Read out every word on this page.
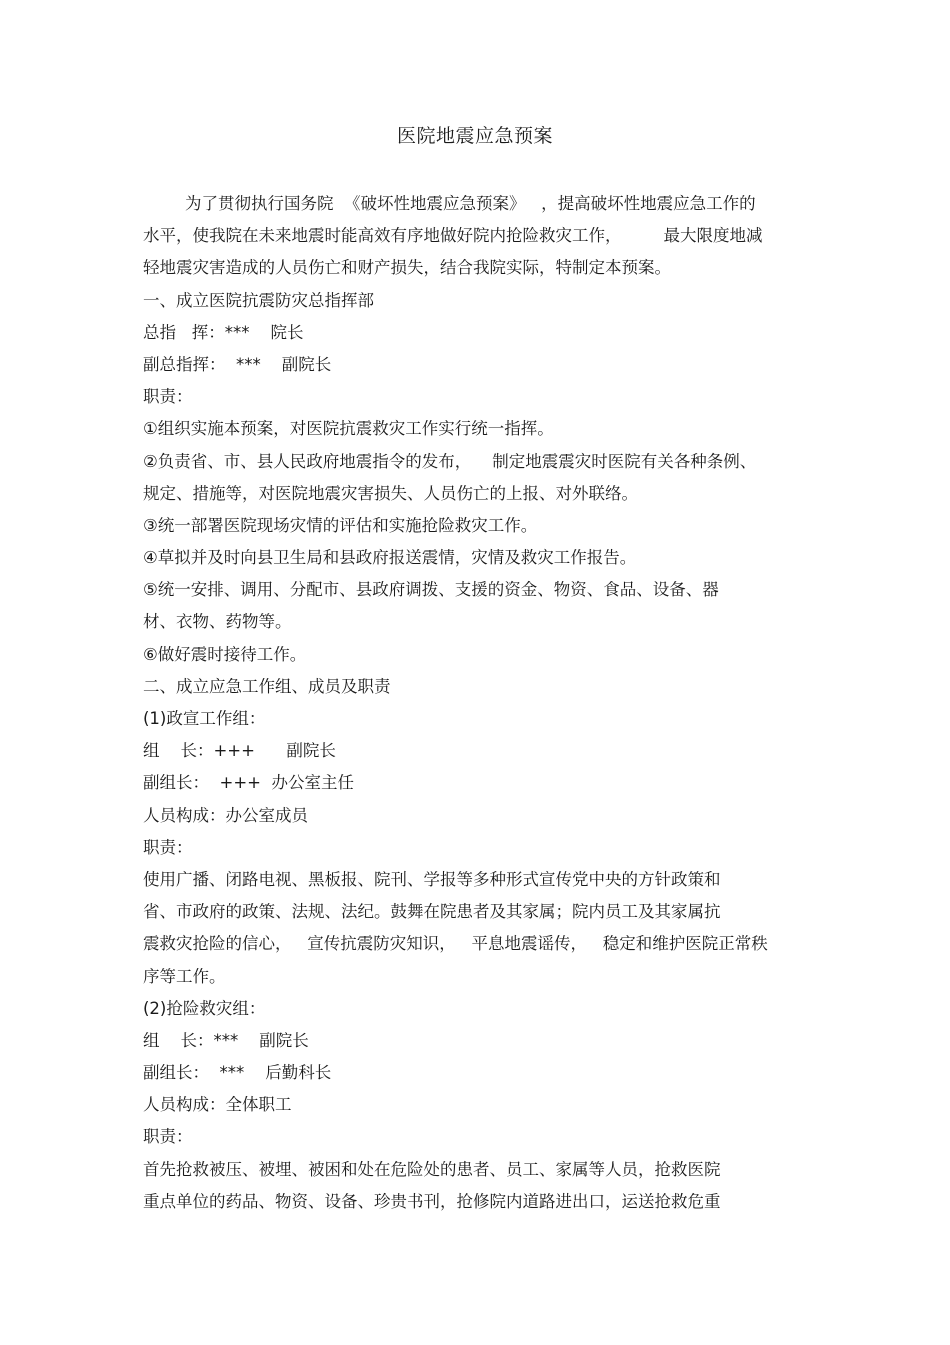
医院地震应急预案
为了贯彻执行国务院  《破坏性地震应急预案》   ，提高破坏性地震应急工作的
水平，使我院在未来地震时能高效有序地做好院内抢险救灾工作，        最大限度地减
轻地震灾害造成的人员伤亡和财产损失，结合我院实际，特制定本预案。
一、成立医院抗震防灾总指挥部
总指   挥：***    院长
副总指挥：  ***    副院长
职责：
①组织实施本预案，对医院抗震救灾工作实行统一指挥。
②负责省、市、县人民政府地震指令的发布，    制定地震震灾时医院有关各种条例、
规定、措施等，对医院地震灾害损失、人员伤亡的上报、对外联络。
③统一部署医院现场灾情的评估和实施抢险救灾工作。
④草拟并及时向县卫生局和县政府报送震情，灾情及救灾工作报告。
⑤统一安排、调用、分配市、县政府调拨、支援的资金、物资、食品、设备、器
材、衣物、药物等。
⑥做好震时接待工作。
二、成立应急工作组、成员及职责
(1)政宣工作组：
组    长：+++      副院长
副组长：  +++  办公室主任
人员构成：办公室成员
职责：
使用广播、闭路电视、黑板报、院刊、学报等多种形式宣传党中央的方针政策和
省、市政府的政策、法规、法纪。鼓舞在院患者及其家属；院内员工及其家属抗
震救灾抢险的信心，   宣传抗震防灾知识，   平息地震谣传，   稳定和维护医院正常秩
序等工作。
(2)抢险救灾组：
组    长：***    副院长
副组长：  ***    后勤科长
人员构成：全体职工
职责：
首先抢救被压、被埋、被困和处在危险处的患者、员工、家属等人员，抢救医院
重点单位的药品、物资、设备、珍贵书刊，抢修院内道路进出口，运送抢救危重
